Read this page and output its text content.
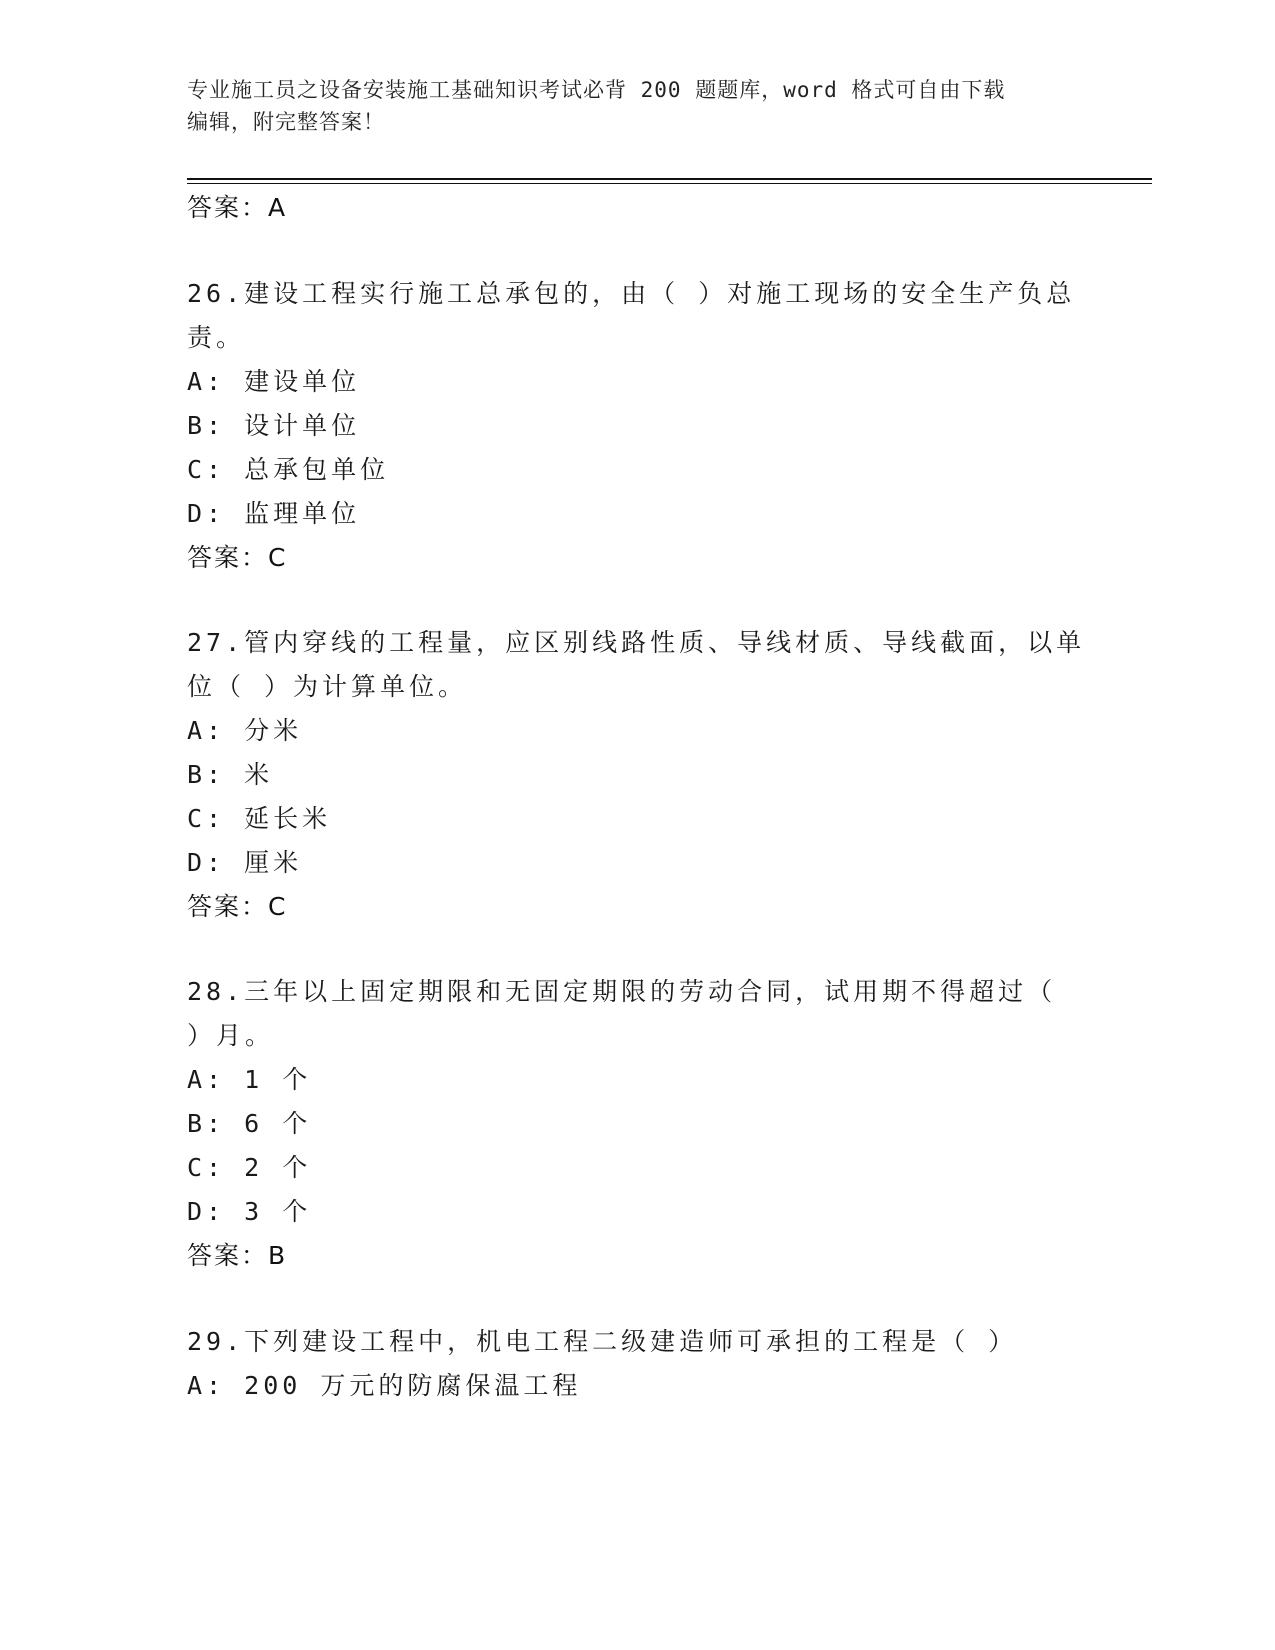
专业施工员之设备安装施工基础知识考试必背 200 题题库，word 格式可自由下载
编辑，附完整答案！
答案：A
26.建设工程实行施工总承包的，由（ ）对施工现场的安全生产负总
责。
A: 建设单位
B: 设计单位
C: 总承包单位
D: 监理单位
答案：C
27.管内穿线的工程量，应区别线路性质、导线材质、导线截面，以单
位（ ）为计算单位。
A: 分米
B: 米
C: 延长米
D: 厘米
答案：C
28.三年以上固定期限和无固定期限的劳动合同，试用期不得超过（
）月。
A: 1 个
B: 6 个
C: 2 个
D: 3 个
答案：B
29.下列建设工程中，机电工程二级建造师可承担的工程是（ ）
A: 200 万元的防腐保温工程
